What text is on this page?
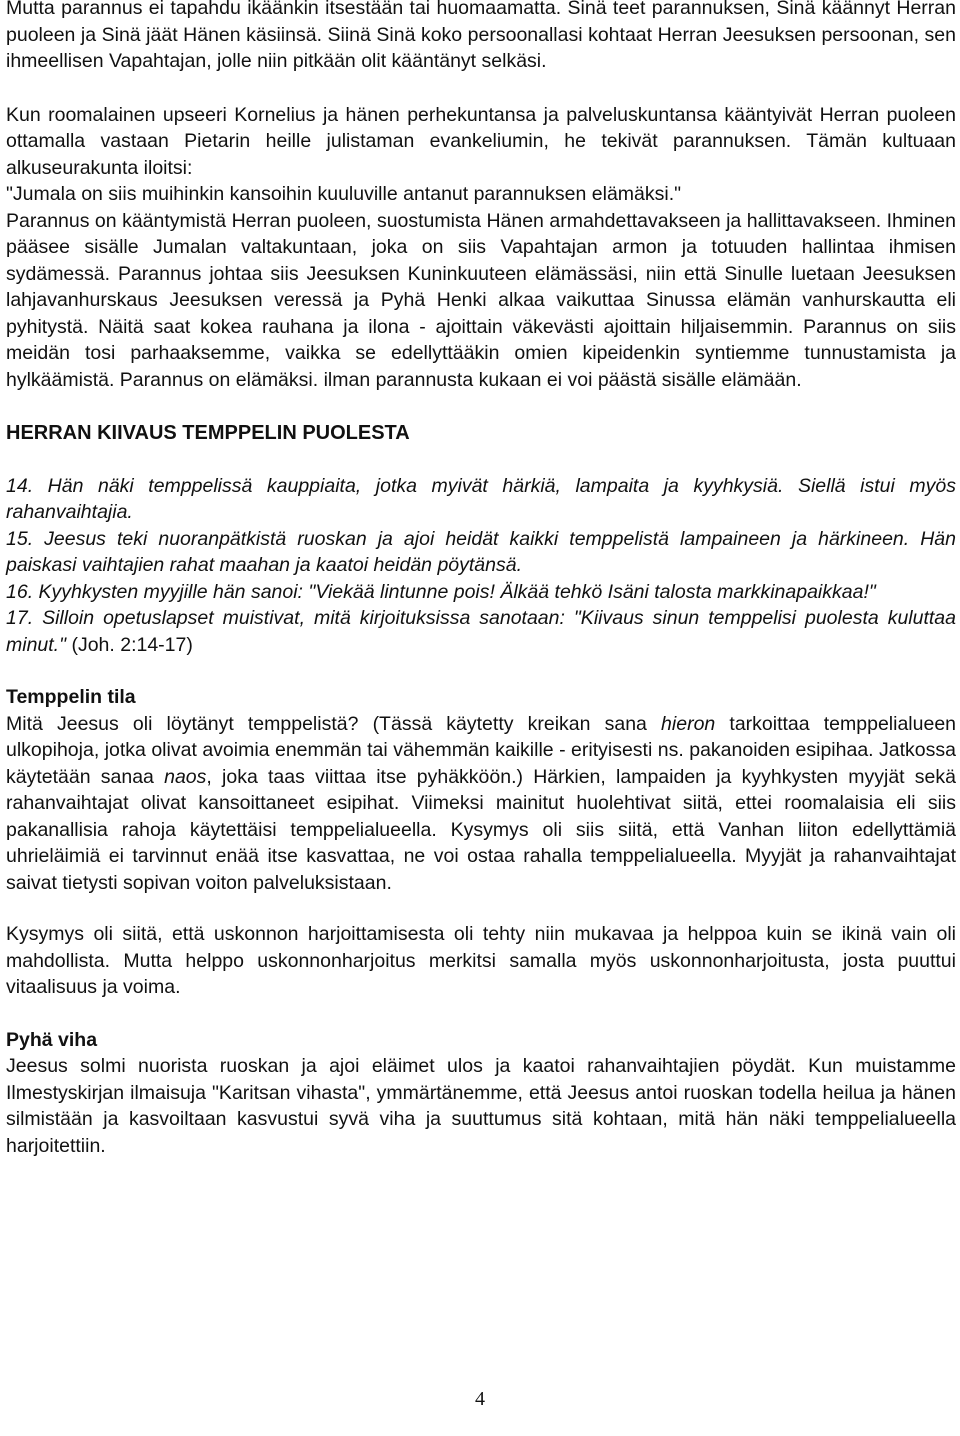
Mutta parannus ei tapahdu ikäänkin itsestään tai huomaamatta. Sinä teet parannuksen, Sinä käännyt Herran puoleen ja Sinä jäät Hänen käsiinsä. Siinä Sinä koko persoonallasi kohtaat Herran Jeesuksen persoonan, sen ihmeellisen Vapahtajan, jolle niin pitkään olit kääntänyt selkäsi.

Kun roomalainen upseeri Kornelius ja hänen perhekuntansa ja palveluskuntansa kääntyivät Herran puoleen ottamalla vastaan Pietarin heille julistaman evankeliumin, he tekivät parannuksen. Tämän kultuaan alkuseurakunta iloitsi:

"Jumala on siis muihinkin kansoihin kuuluville antanut parannuksen elämäksi."

Parannus on kääntymistä Herran puoleen, suostumista Hänen armahdettavakseen ja hallittavakseen. Ihminen pääsee sisälle Jumalan valtakuntaan, joka on siis Vapahtajan armon ja totuuden hallintaa ihmisen sydämessä. Parannus johtaa siis Jeesuksen Kuninkuuteen elämässäsi, niin että Sinulle luetaan Jeesuksen lahjavanhurskaus Jeesuksen veressä ja Pyhä Henki alkaa vaikuttaa Sinussa elämän vanhurskautta eli pyhitystä. Näitä saat kokea rauhana ja ilona - ajoittain väkevästi ajoittain hiljaisemmin. Parannus on siis meidän tosi parhaaksemme, vaikka se edellyttääkin omien kipeidenkin syntiemme tunnustamista ja hylkäämistä. Parannus on elämäksi. ilman parannusta kukaan ei voi päästä sisälle elämään.

HERRAN KIIVAUS TEMPPELIN PUOLESTA
14. Hän näki temppelissä kauppiaita, jotka myivät härkiä, lampaita ja kyyhkysiä. Siellä istui myös rahanvaihtajia.
15. Jeesus teki nuoranpätkistä ruoskan ja ajoi heidät kaikki temppelistä lampaineen ja härkineen. Hän paiskasi vaihtajien rahat maahan ja kaatoi heidän pöytänsä.
16. Kyyhkysten myyjille hän sanoi: "Viekää lintunne pois! Älkää tehkö Isäni talosta markkinapaikkaa!"
17. Silloin opetuslapset muistivat, mitä kirjoituksissa sanotaan: "Kiivaus sinun temppelisi puolesta kuluttaa minut." (Joh. 2:14-17)
Temppelin tila

Mitä Jeesus oli löytänyt temppelistä? (Tässä käytetty kreikan sana hieron tarkoittaa temppelialueen ulkopihoja, jotka olivat avoimia enemmän tai vähemmän kaikille - erityisesti ns. pakanoiden esipihaa. Jatkossa käytetään sanaa naos, joka taas viittaa itse pyhäkköön.) Härkien, lampaiden ja kyyhkysten myyjät sekä rahanvaihtajat olivat kansoittaneet esipihat. Viimeksi mainitut huolehtivat siitä, ettei roomalaisia eli siis pakanallisia rahoja käytettäisi temppelialueella. Kysymys oli siis siitä, että Vanhan liiton edellyttämiä uhrieläimiä ei tarvinnut enää itse kasvattaa, ne voi ostaa rahalla temppelialueella. Myyjät ja rahanvaihtajat saivat tietysti sopivan voiton palveluksistaan.

Kysymys oli siitä, että uskonnon harjoittamisesta oli tehty niin mukavaa ja helppoa kuin se ikinä vain oli mahdollista. Mutta helppo uskonnonharjoitus merkitsi samalla myös uskonnonharjoitusta, josta puuttui vitaalisuus ja voima.

Pyhä viha

Jeesus solmi nuorista ruoskan ja ajoi eläimet ulos ja kaatoi rahanvaihtajien pöydät. Kun muistamme Ilmestyskirjan ilmaisuja "Karitsan vihasta", ymmärtänemme, että Jeesus antoi ruoskan todella heilua ja hänen silmistään ja kasvoiltaan kasvustui syvä viha ja suuttumus sitä kohtaan, mitä hän näki temppelialueella harjoitettiin.

4
